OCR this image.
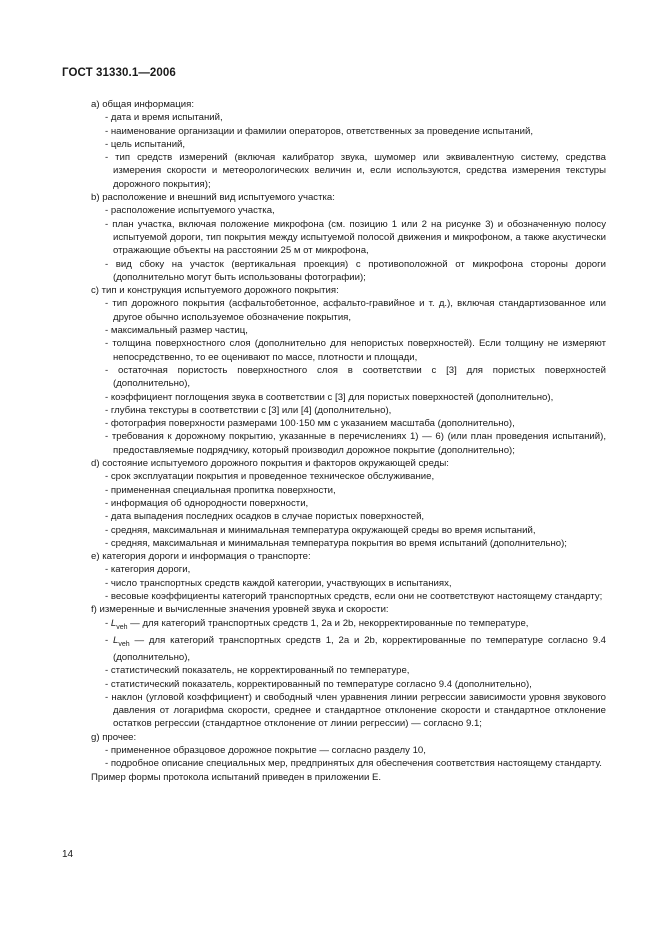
ГОСТ 31330.1—2006

а) общая информация:

- дата и время испытаний,
- наименование организации и фамилии операторов, ответственных за проведение испытаний,
- цель испытаний,
- тип средств измерений (включая калибратор звука, шумомер или эквивалентную систему, средства измерения скорости и метеорологических величин и, если используются, средства измерения текстуры дорожного покрытия);

b) расположение и внешний вид испытуемого участка:

- расположение испытуемого участка,
- план участка, включая положение микрофона (см. позицию 1 или 2 на рисунке 3) и обозначенную полосу испытуемой дороги, тип покрытия между испытуемой полосой движения и микрофоном, а также акустически отражающие объекты на расстоянии 25 м от микрофона,
- вид сбоку на участок (вертикальная проекция) с противоположной от микрофона стороны дороги (дополнительно могут быть использованы фотографии);

с) тип и конструкция испытуемого дорожного покрытия:

- тип дорожного покрытия (асфальтобетонное, асфальто-гравийное и т. д.), включая стандартизованное или другое обычно используемое обозначение покрытия,
- максимальный размер частиц,
- толщина поверхностного слоя (дополнительно для непористых поверхностей). Если толщину не измеряют непосредственно, то ее оценивают по массе, плотности и площади,
- остаточная пористость поверхностного слоя в соответствии с [3] для пористых поверхностей (дополнительно),
- коэффициент поглощения звука в соответствии с [3] для пористых поверхностей (дополнительно),
- глубина текстуры в соответствии с [3] или [4] (дополнительно),
- фотография поверхности размерами 100·150 мм с указанием масштаба (дополнительно),
- требования к дорожному покрытию, указанные в перечислениях 1) — 6) (или план проведения испытаний), предоставляемые подрядчику, который производил дорожное покрытие (дополнительно);

d) состояние испытуемого дорожного покрытия и факторов окружающей среды:

- срок эксплуатации покрытия и проведенное техническое обслуживание,
- примененная специальная пропитка поверхности,
- информация об однородности поверхности,
- дата выпадения последних осадков в случае пористых поверхностей,
- средняя, максимальная и минимальная температура окружающей среды во время испытаний,
- средняя, максимальная и минимальная температура покрытия во время испытаний (дополнительно);

е) категория дороги и информация о транспорте:

- категория дороги,
- число транспортных средств каждой категории, участвующих в испытаниях,
- весовые коэффициенты категорий транспортных средств, если они не соответствуют настоящему стандарту;

f) измеренные и вычисленные значения уровней звука и скорости:

- $L_{veh}$ — для категорий транспортных средств 1, 2а и 2b, некорректированные по температуре,
- $L_{veh}$ — для категорий транспортных средств 1, 2а и 2b, корректированные по температуре согласно 9.4 (дополнительно),
- статистический показатель, не корректированный по температуре,
- статистический показатель, корректированный по температуре согласно 9.4 (дополнительно),
- наклон (угловой коэффициент) и свободный член уравнения линии регрессии зависимости уровня звукового давления от логарифма скорости, среднее и стандартное отклонение скорости и стандартное отклонение остатков регрессии (стандартное отклонение от линии регрессии) — согласно 9.1;

g) прочее:

- примененное образцовое дорожное покрытие — согласно разделу 10,
- подробное описание специальных мер, предпринятых для обеспечения соответствия настоящему стандарту.

Пример формы протокола испытаний приведен в приложении Е.

14
